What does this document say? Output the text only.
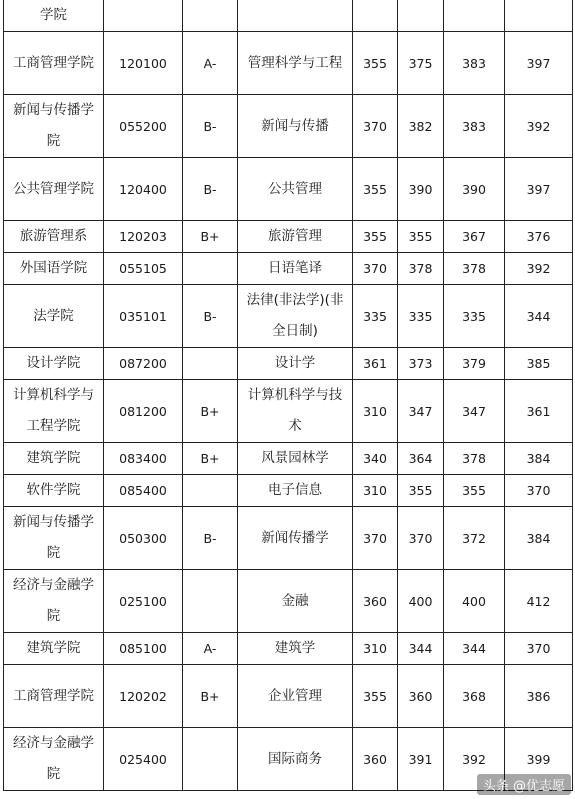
学院							
工商管理学院	120100	A-	管理科学与工程	355	375	383	397
新闻与传播学院	055200	B-	新闻与传播	370	382	383	392
公共管理学院	120400	B-	公共管理	355	390	390	397
旅游管理系	120203	B+	旅游管理	355	355	367	376
外国语学院	055105		日语笔译	370	378	378	392
法学院	035101	B-	法律(非法学)(非全日制)	335	335	335	344
设计学院	087200		设计学	361	373	379	385
计算机科学与工程学院	081200	B+	计算机科学与技术	310	347	347	361
建筑学院	083400	B+	风景园林学	340	364	378	384
软件学院	085400		电子信息	310	355	355	370
新闻与传播学院	050300	B-	新闻传播学	370	370	372	384
经济与金融学院	025100		金融	360	400	400	412
建筑学院	085100	A-	建筑学	310	344	344	370
工商管理学院	120202	B+	企业管理	355	360	368	386
经济与金融学院	025400		国际商务	360	391	392	399
头条 @优志愿
